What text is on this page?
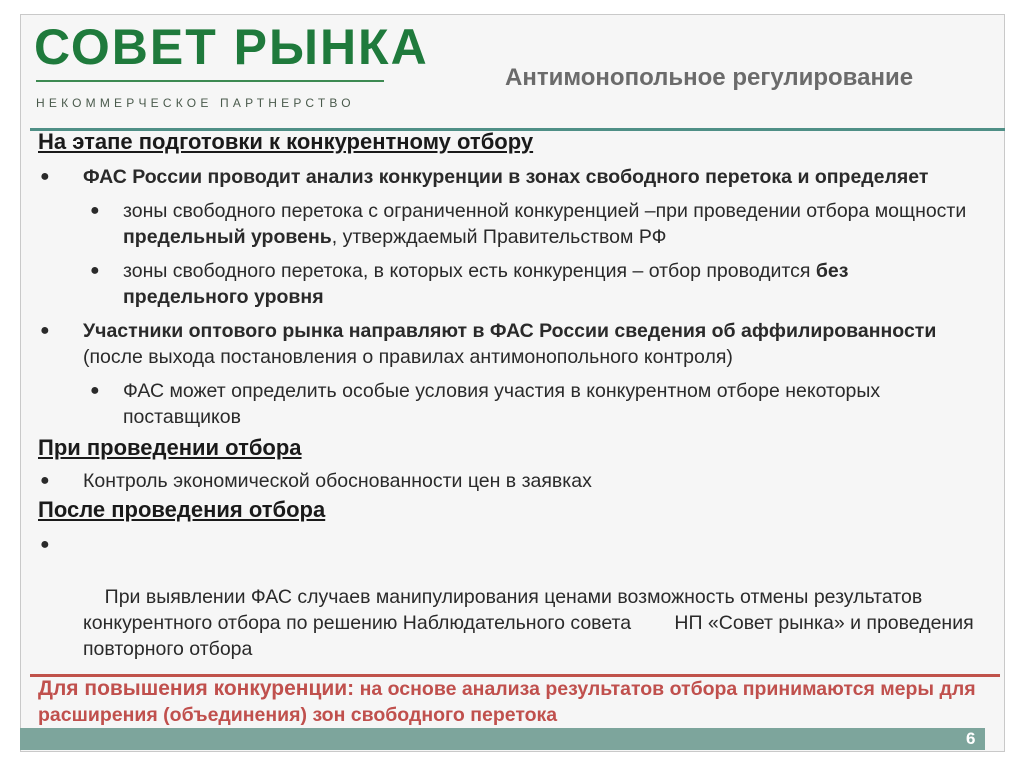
СОВЕТ РЫНКА
НЕКОММЕРЧЕСКОЕ ПАРТНЕРСТВО
Антимонопольное регулирование

На этапе подготовки к конкурентному отбору

● ФАС России проводит анализ конкуренции в зонах свободного перетока и определяет

● зоны свободного перетока с ограниченной конкуренцией –при проведении отбора мощности предельный уровень, утверждаемый Правительством РФ

● зоны свободного перетока, в которых есть конкуренция – отбор проводится без предельного уровня

● Участники оптового рынка направляют в ФАС России сведения об аффилированности (после выхода постановления о правилах антимонопольного контроля)

● ФАС может определить особые условия участия в конкурентном отборе некоторых поставщиков

При проведении отбора

● Контроль экономической обоснованности цен в заявках

После проведения отбора

●

При выявлении ФАС случаев манипулирования ценами возможность отмены результатов конкурентного отбора по решению Наблюдательного совета        НП «Совет рынка» и проведения повторного отбора

Для повышения конкуренции: на основе анализа результатов отбора принимаются меры для расширения (объединения) зон свободного перетока
6
